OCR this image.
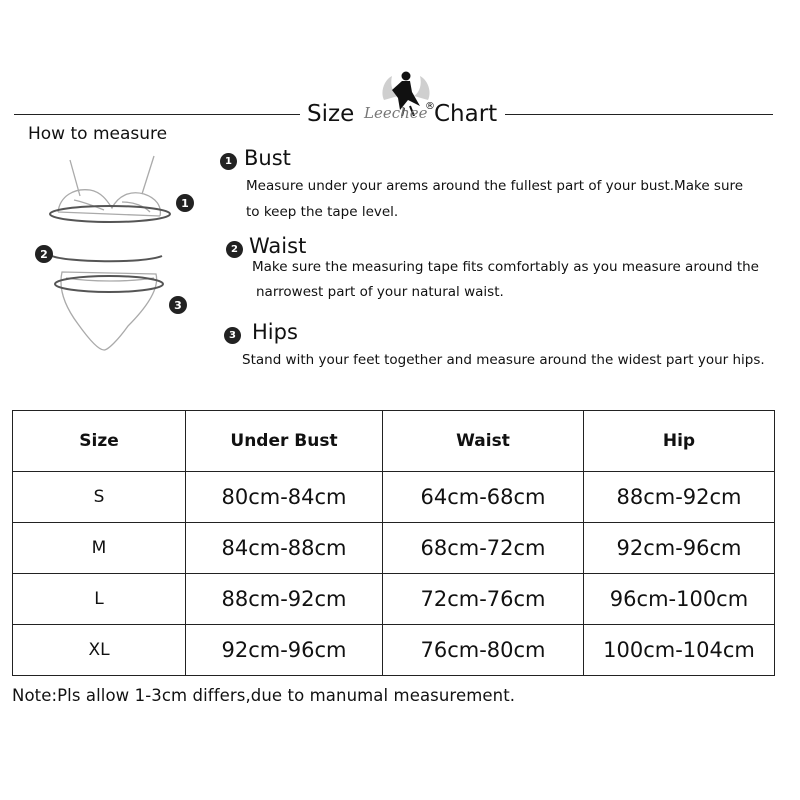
Size Leechee
® Chart
How to measure
1
2
3
1 Bust
Measure under your arems around the fullest part of your bust.Make sure
to keep the tape level.
2 Waist
Make sure the measuring tape fits comfortably as you measure around the
narrowest part of your natural waist.
3 Hips
Stand with your feet together and measure around the widest part your hips.
Size	Under Bust	Waist	Hip
S	80cm-84cm	64cm-68cm	88cm-92cm
M	84cm-88cm	68cm-72cm	92cm-96cm
L	88cm-92cm	72cm-76cm	96cm-100cm
XL	92cm-96cm	76cm-80cm	100cm-104cm
Note:Pls allow 1-3cm differs,due to manumal measurement.
